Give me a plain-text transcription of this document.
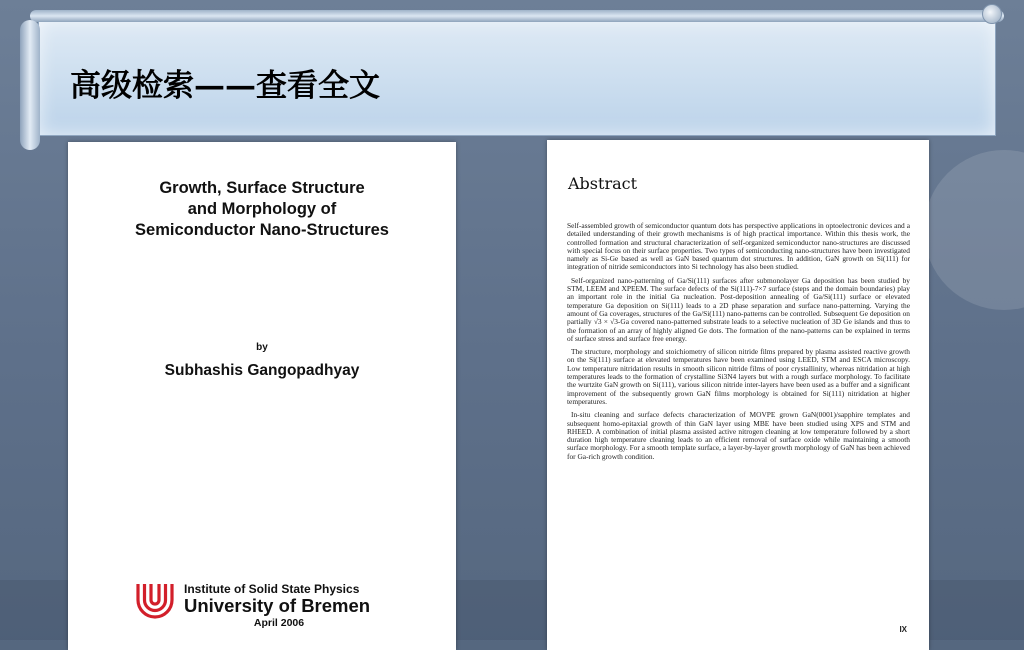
高级检索——查看全文
Growth, Surface Structure
and Morphology of
Semiconductor Nano-Structures
by
Subhashis Gangopadhyay
Institute of Solid State Physics
University of Bremen
April 2006
Abstract

Self-assembled growth of semiconductor quantum dots has perspective applications in optoelectronic devices and a detailed understanding of their growth mechanisms is of high practical importance. Within this thesis work, the controlled formation and structural characterization of self-organized semiconductor nano-structures are discussed with special focus on their surface properties. Two types of semiconducting nano-structures have been investigated namely as Si-Ge based as well as GaN based quantum dot structures. In addition, GaN growth on Si(111) for integration of nitride semiconductors into Si technology has also been studied.

Self-organized nano-patterning of Ga/Si(111) surfaces after submonolayer Ga deposition has been studied by STM, LEEM and XPEEM. The surface defects of the Si(111)-7×7 surface (steps and the domain boundaries) play an important role in the initial Ga nucleation. Post-deposition annealing of Ga/Si(111) surface or elevated temperature Ga deposition on Si(111) leads to a 2D phase separation and surface nano-patterning. Varying the amount of Ga coverages, structures of the Ga/Si(111) nano-patterns can be controlled. Subsequent Ge deposition on partially √3 × √3-Ga covered nano-patterned substrate leads to a selective nucleation of 3D Ge islands and thus to the formation of an array of highly aligned Ge dots. The formation of the nano-patterns can be explained in terms of surface stress and surface free energy.

The structure, morphology and stoichiometry of silicon nitride films prepared by plasma assisted reactive growth on the Si(111) surface at elevated temperatures have been examined using LEED, STM and ESCA microscopy. Low temperature nitridation results in smooth silicon nitride films of poor crystallinity, whereas nitridation at high temperatures leads to the formation of crystalline Si3N4 layers but with a rough surface morphology. To facilitate the wurtzite GaN growth on Si(111), various silicon nitride inter-layers have been used as a buffer and a significant improvement of the subsequently grown GaN films morphology is obtained for Si(111) nitridation at higher temperatures.

In-situ cleaning and surface defects characterization of MOVPE grown GaN(0001)/sapphire templates and subsequent homo-epitaxial growth of thin GaN layer using MBE have been studied using XPS and STM and RHEED. A combination of initial plasma assisted active nitrogen cleaning at low temperature followed by a short duration high temperature cleaning leads to an efficient removal of surface oxide while maintaining a smooth surface morphology. For a smooth template surface, a layer-by-layer growth morphology of GaN has been achieved for Ga-rich growth condition.

IX
